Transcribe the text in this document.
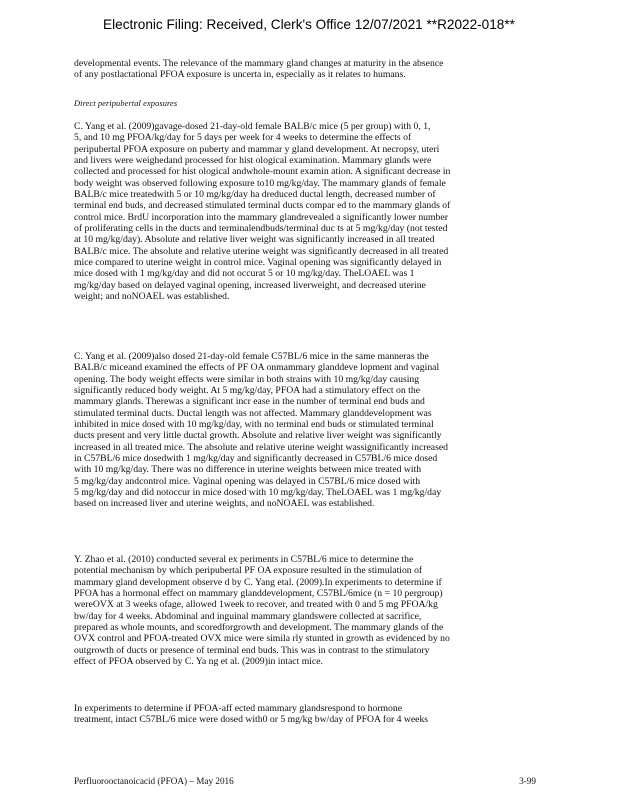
Electronic Filing: Received, Clerk's Office 12/07/2021 **R2022-018**
developmental events. The relevance of the mammary gland changes at maturity in the absence
of any postlactational PFOA exposure is uncerta in, especially as it relates to humans.
Direct peripubertal exposures
C. Yang et al. (2009)gavage-dosed 21-day-old female BALB/c mice (5 per group) with 0, 1,
5, and 10 mg PFOA/kg/day for 5 days per week for 4 weeks to determine the effects of
peripubertal PFOA exposure on puberty and mammar y gland development. At necropsy, uteri
and livers were weighedand processed for hist ological examination. Mammary glands were
collected and processed for hist ological andwhole-mount examin ation. A significant decrease in
body weight was observed following exposure to10 mg/kg/day. The mammary glands of female
BALB/c mice treatedwith 5 or 10 mg/kg/day ha dreduced ductal length, decreased number of
terminal end buds, and decreased stimulated terminal ducts compar ed to the mammary glands of
control mice. BrdU incorporation into the mammary glandrevealed a significantly lower number
of proliferating cells in the ducts and terminalendbuds/terminal duc ts at 5 mg/kg/day (not tested
at 10 mg/kg/day). Absolute and relative liver weight was significantly increased in all treated
BALB/c mice. The absolute and relative uterine weight was significantly decreased in all treated
mice compared to uterine weight in control mice. Vaginal opening was significantly delayed in
mice dosed with 1 mg/kg/day and did not occurat 5 or 10 mg/kg/day. TheLOAEL was 1
mg/kg/day based on delayed vaginal opening, increased liverweight, and decreased uterine
weight; and noNOAEL was established.
C. Yang et al. (2009)also dosed 21-day-old female C57BL/6 mice in the same manneras the
BALB/c miceand examined the effects of PF OA onmammary glanddeve lopment and vaginal
opening. The body weight effects were similar in both strains with 10 mg/kg/day causing
significantly reduced body weight. At 5 mg/kg/day, PFOA had a stimulatory effect on the
mammary glands. Therewas a significant incr ease in the number of terminal end buds and
stimulated terminal ducts. Ductal length was not affected. Mammary glanddevelopment was
inhibited in mice dosed with 10 mg/kg/day, with no terminal end buds or stimulated terminal
ducts present and very little ductal growth. Absolute and relative liver weight was significantly
increased in all treated mice. The absolute and relative uterine weight wassignificantly increased
in C57BL/6 mice dosedwith 1 mg/kg/day and significantly decreased in C57BL/6 mice dosed
with 10 mg/kg/day. There was no difference in uterine weights between mice treated with
5 mg/kg/day andcontrol mice. Vaginal opening was delayed in C57BL/6 mice dosed with
5 mg/kg/day and did notoccur in mice dosed with 10 mg/kg/day. TheLOAEL was 1 mg/kg/day
based on increased liver and uterine weights, and noNOAEL was established.
Y. Zhao et al. (2010) conducted several ex periments in C57BL/6 mice to determine the
potential mechanism by which peripubertal PF OA exposure resulted in the stimulation of
mammary gland development observe d by C. Yang etal. (2009).In experiments to determine if
PFOA has a hormonal effect on mammary glanddevelopment, C57BL/6mice (n = 10 pergroup)
wereOVX at 3 weeks ofage, allowed 1week to recover, and treated with 0 and 5 mg PFOA/kg
bw/day for 4 weeks. Abdominal and inguinal mammary glandswere collected at sacrifice,
prepared as whole mounts, and scoredforgrowth and development. The mammary glands of the
OVX control and PFOA-treated OVX mice were simila rly stunted in growth as evidenced by no
outgrowth of ducts or presence of terminal end buds. This was in contrast to the stimulatory
effect of PFOA observed by C. Ya ng et al. (2009)in intact mice.
In experiments to determine if PFOA-aff ected mammary glandsrespond to hormone
treatment, intact C57BL/6 mice were dosed with0 or 5 mg/kg bw/day of PFOA for 4 weeks
Perfluorooctanoicacid (PFOA) – May 2016	3-99
